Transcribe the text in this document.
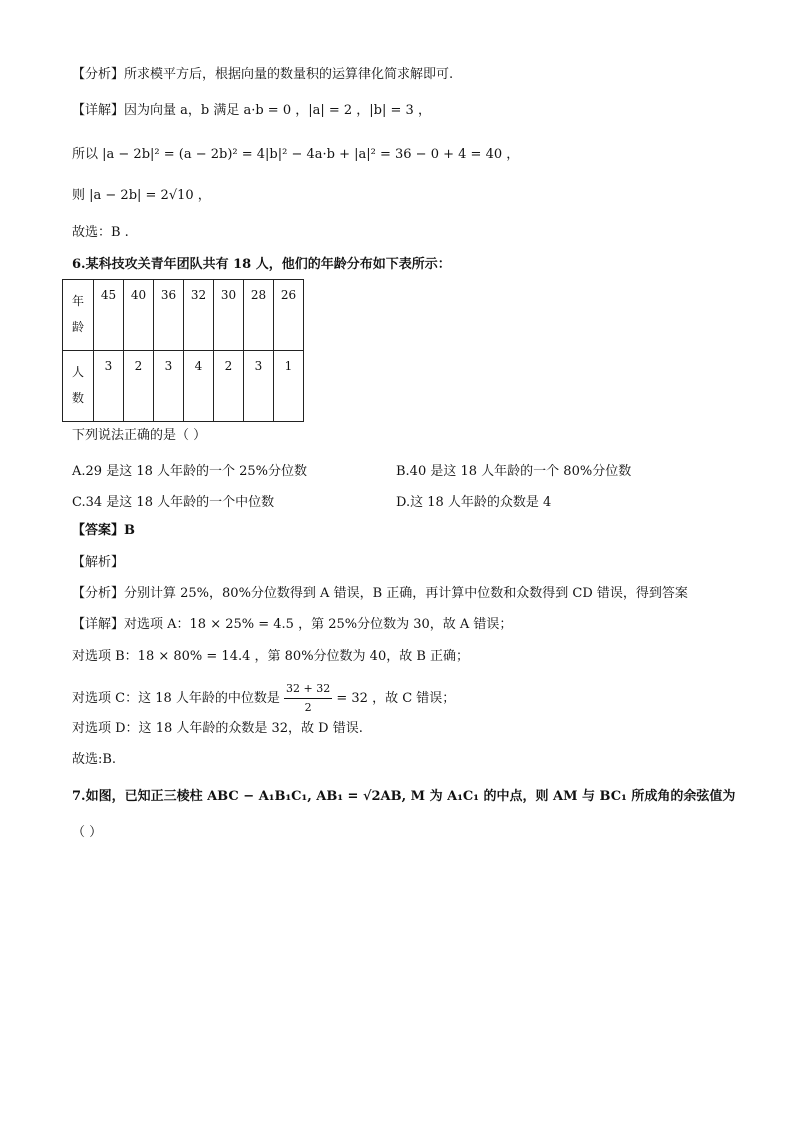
【分析】所求模平方后，根据向量的数量积的运算律化简求解即可.
【详解】因为向量 a，b 满足 a·b = 0 ，|a| = 2 ，|b| = 3 ，
所以 |a − 2b|² = (a − 2b)² = 4|b|² − 4a·b + |a|² = 36 − 0 + 4 = 40 ，
则 |a − 2b| = 2√10 ，
故选：B .
6.某科技攻关青年团队共有 18 人，他们的年龄分布如下表所示：
年
龄	45	40	36	32	30	28	26
人
数	3	2	3	4	2	3	1
下列说法正确的是（ ）
A.29 是这 18 人年龄的一个 25%分位数	B.40 是这 18 人年龄的一个 80%分位数
C.34 是这 18 人年龄的一个中位数	D.这 18 人年龄的众数是 4
【答案】B
【解析】
【分析】分别计算 25%，80%分位数得到 A 错误，B 正确，再计算中位数和众数得到 CD 错误，得到答案
【详解】对选项 A：18 × 25% = 4.5 ，第 25%分位数为 30，故 A 错误；
对选项 B：18 × 80% = 14.4 ，第 80%分位数为 40，故 B 正确；
对选项 C：这 18 人年龄的中位数是 $\frac{32 + 32}{2} = 32$ ，故 C 错误；
对选项 D：这 18 人年龄的众数是 32，故 D 错误.
故选:B.
7.如图，已知正三棱柱 ABC − A₁B₁C₁, AB₁ = √2AB, M 为 A₁C₁ 的中点，则 AM 与 BC₁ 所成角的余弦值为
（ ）
